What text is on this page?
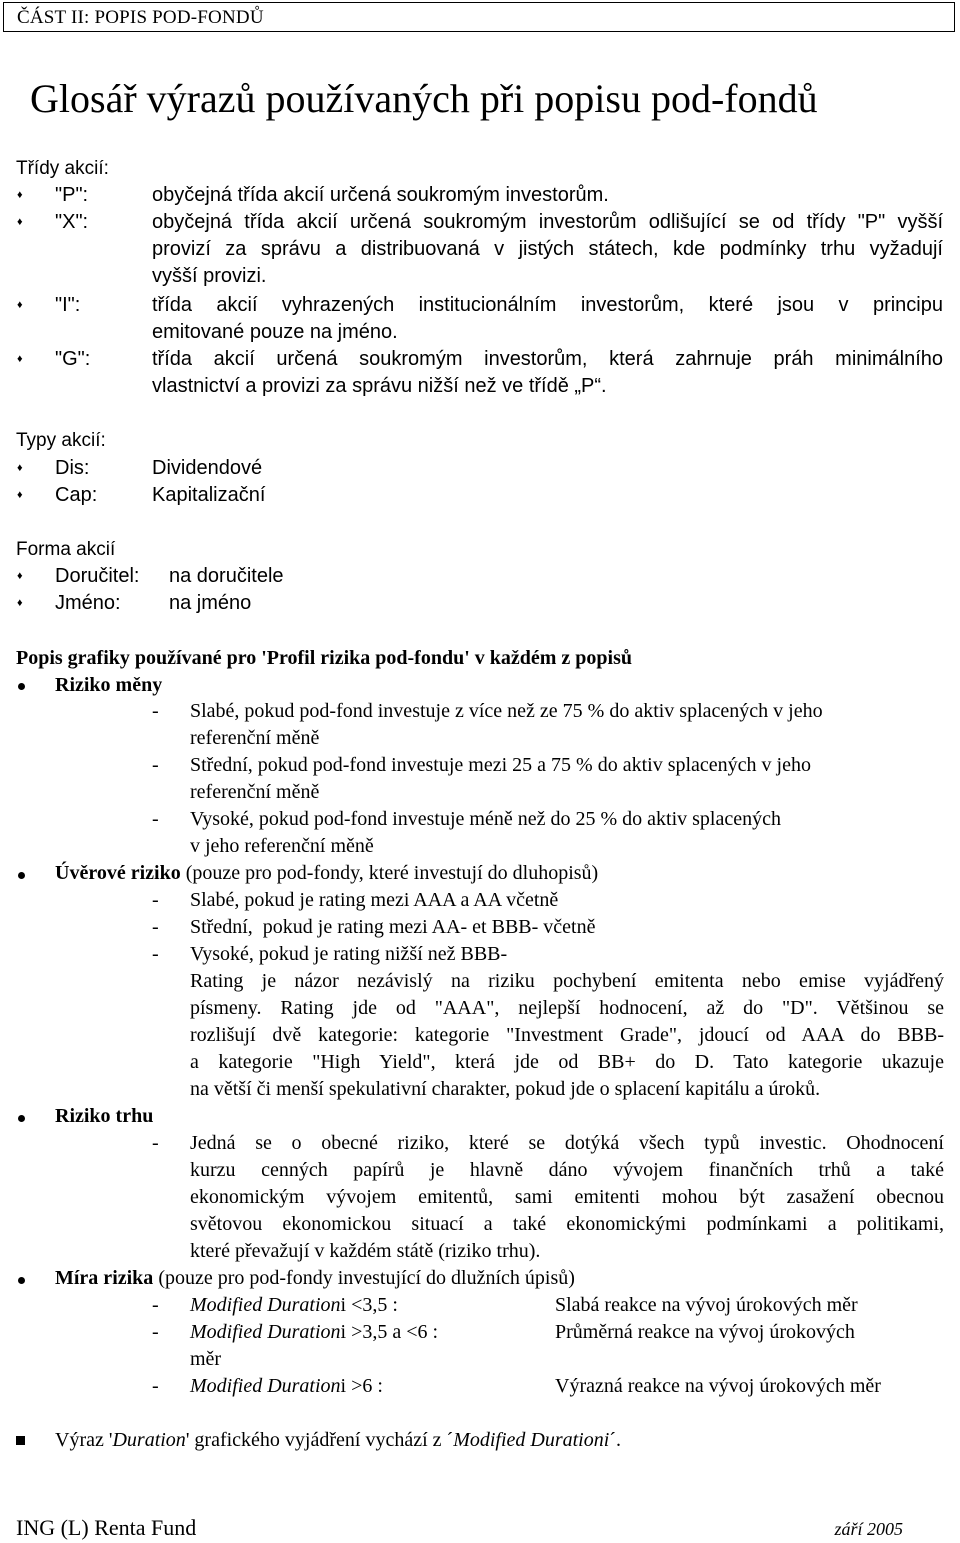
ČÁST II: POPIS POD-FONDŮ
Glosář výrazů používaných při popisu pod-fondů
Třídy akcií:
♦ "P":	obyčejná třída akcií určená soukromým investorům.
♦ "X":	obyčejná třída akcií určená soukromým investorům odlišující se od třídy "P" vyšší
provizí za správu a distribuovaná v jistých státech, kde podmínky trhu vyžadují
vyšší provizi.
♦ "I":	třída akcií vyhrazených institucionálním investorům, které jsou v principu
emitované pouze na jméno.
♦ "G":	třída akcií určená soukromým investorům, která zahrnuje práh minimálního
vlastnictví a provizi za správu nižší než ve třídě „P“.
Typy akcií:
♦ Dis:	Dividendové
♦ Cap:	Kapitalizační
Forma akcií
♦ Doručitel: na doručitele
♦ Jméno: na jméno
Popis grafiky používané pro 'Profil rizika pod-fondu' v každém z popisů
Riziko měny
- Slabé, pokud pod-fond investuje z více než ze 75 % do aktiv splacených v jeho
referenční měně
- Střední, pokud pod-fond investuje mezi 25 a 75 % do aktiv splacených v jeho
referenční měně
- Vysoké, pokud pod-fond investuje méně než do 25 % do aktiv splacených
v jeho referenční měně
Úvěrové riziko (pouze pro pod-fondy, které investují do dluhopisů)
- Slabé, pokud je rating mezi AAA a AA včetně
- Střední,  pokud je rating mezi AA- et BBB- včetně
- Vysoké, pokud je rating nižší než BBB-
Rating je názor nezávislý na riziku pochybení emitenta nebo emise vyjádřený
písmeny. Rating jde od "AAA", nejlepší hodnocení, až do "D". Většinou se
rozlišují dvě kategorie: kategorie "Investment Grade", jdoucí od AAA do BBB-
a kategorie "High Yield", která jde od BB+ do D. Tato kategorie ukazuje
na větší či menší spekulativní charakter, pokud jde o splacení kapitálu a úroků.
Riziko trhu
- Jedná se o obecné riziko, které se dotýká všech typů investic. Ohodnocení
kurzu cenných papírů je hlavně dáno vývojem finančních trhů a také
ekonomickým vývojem emitentů, sami emitenti mohou být zasažení obecnou
světovou ekonomickou situací a také ekonomickými podmínkami a politikami,
které převažují v každém státě (riziko trhu).
Míra rizika (pouze pro pod-fondy investující do dlužních úpisů)
- Modified Durationi <3,5 :	Slabá reakce na vývoj úrokových měr
- Modified Durationi >3,5 a <6 :	Průměrná reakce na vývoj úrokových
měr
- Modified Durationi >6 :	Výrazná reakce na vývoj úrokových měr
Výraz 'Duration' grafického vyjádření vychází z ´Modified Durationi´.
ING (L) Renta Fund	září 2005
